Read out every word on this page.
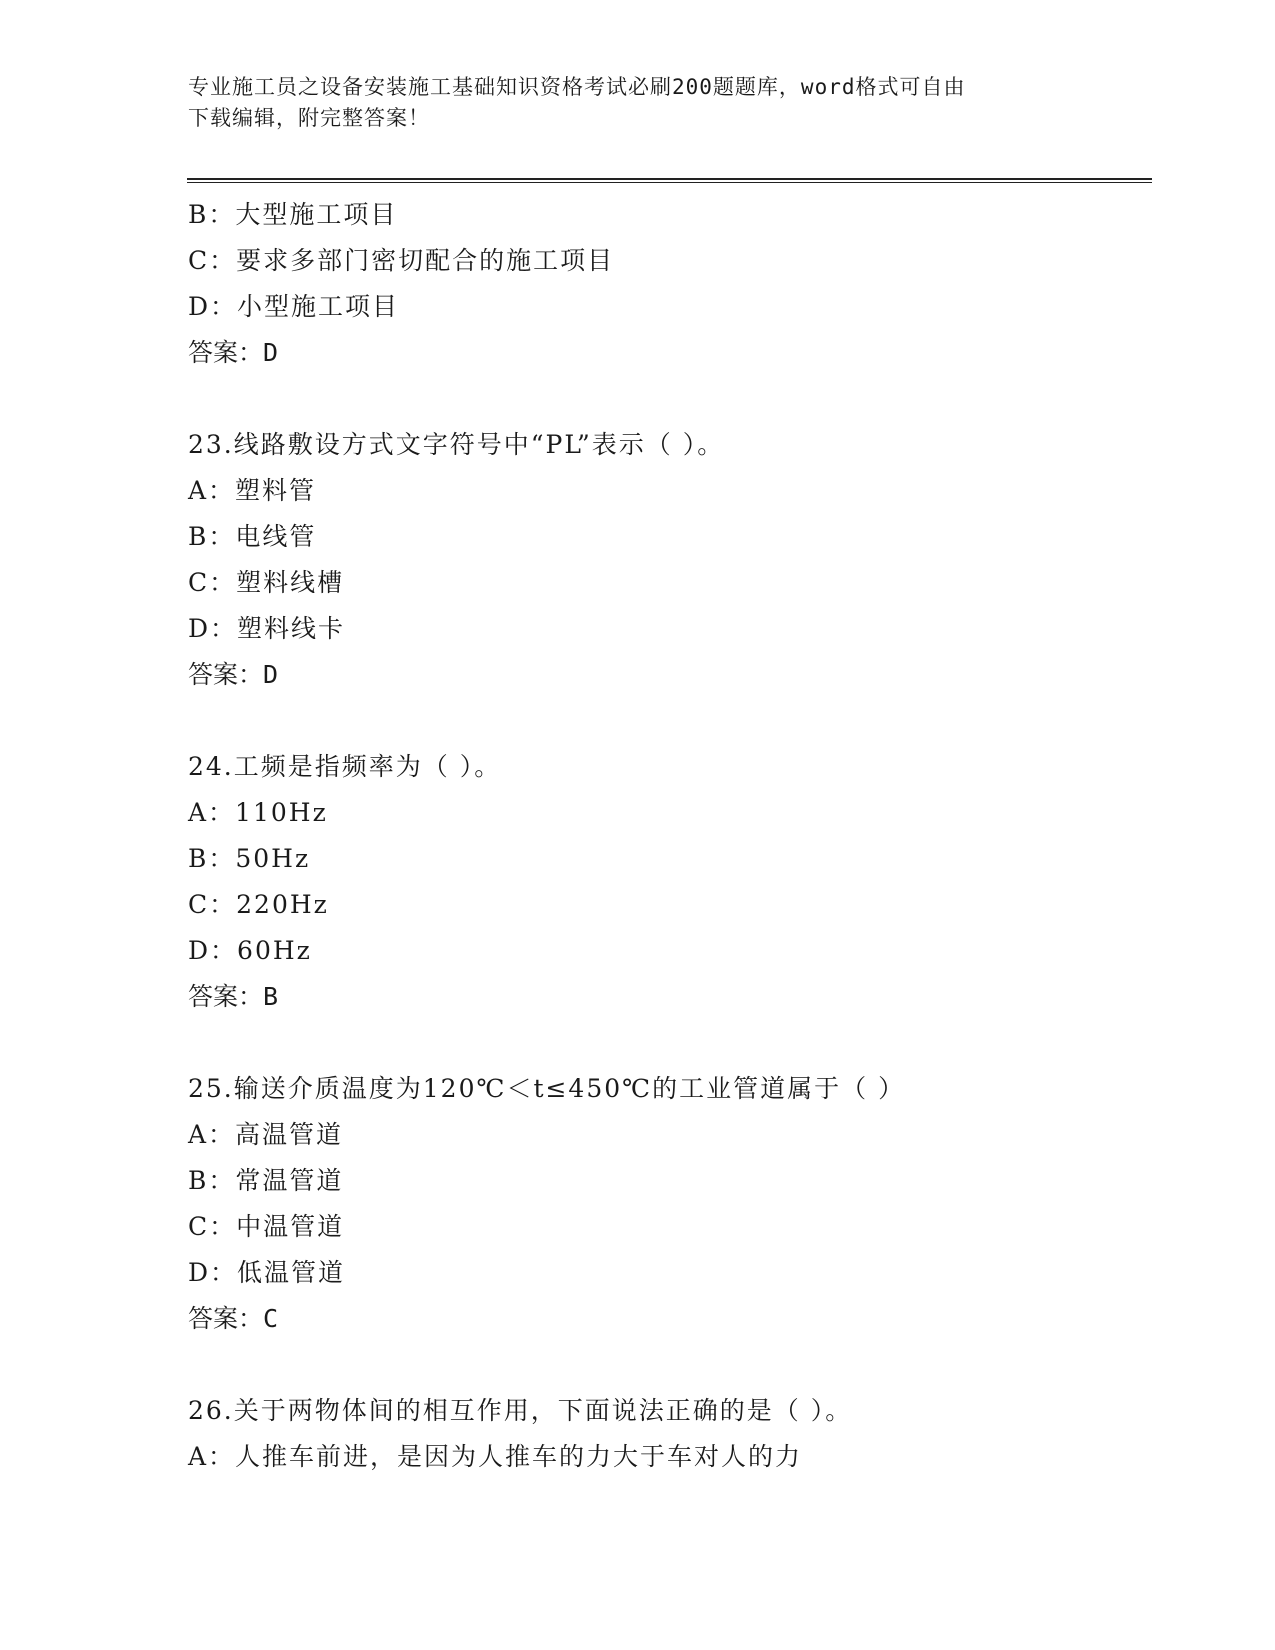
专业施工员之设备安装施工基础知识资格考试必刷200题题库，word格式可自由
下载编辑，附完整答案！
B：大型施工项目
C：要求多部门密切配合的施工项目
D：小型施工项目
答案：D
23.线路敷设方式文字符号中“PL”表示（ ）。
A：塑料管
B：电线管
C：塑料线槽
D：塑料线卡
答案：D
24.工频是指频率为（ ）。
A：110Hz
B：50Hz
C：220Hz
D：60Hz
答案：B
25.输送介质温度为120℃＜t≤450℃的工业管道属于（ ）
A：高温管道
B：常温管道
C：中温管道
D：低温管道
答案：C
26.关于两物体间的相互作用，下面说法正确的是（ ）。
A：人推车前进，是因为人推车的力大于车对人的力
